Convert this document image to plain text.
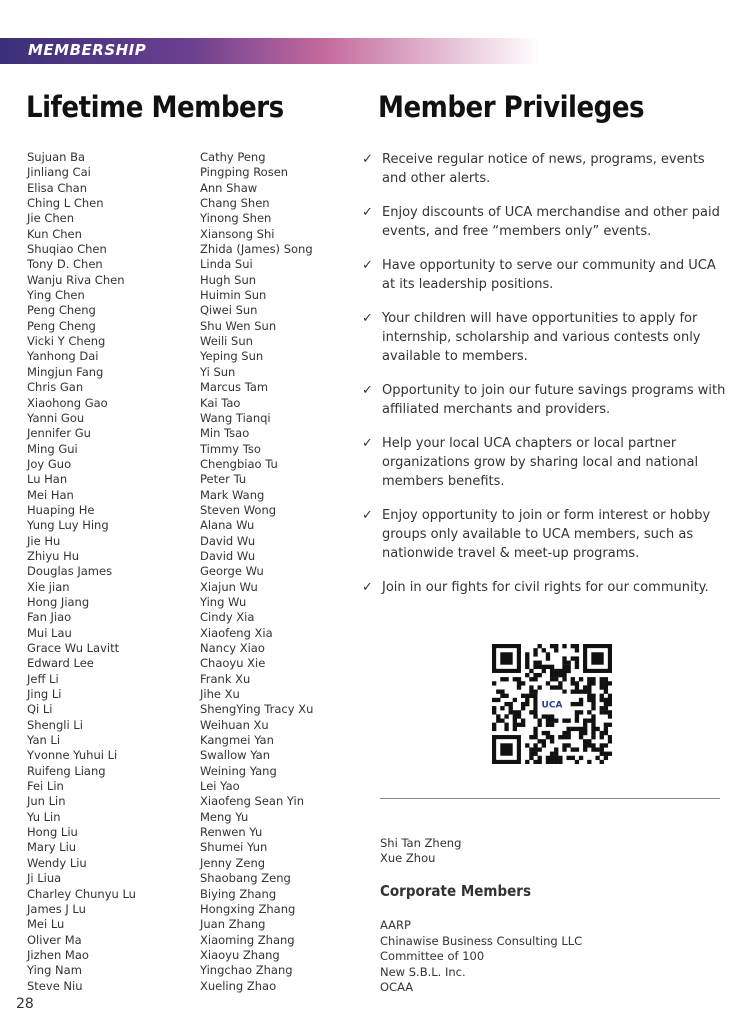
MEMBERSHIP
Lifetime Members	Member Privileges
Sujuan Ba
Jinliang Cai
Elisa Chan
Ching L Chen
Jie Chen
Kun Chen
Shuqiao Chen
Tony D. Chen
Wanju Riva Chen
Ying Chen
Peng Cheng
Peng Cheng
Vicki Y Cheng
Yanhong Dai
Mingjun Fang
Chris Gan
Xiaohong Gao
Yanni Gou
Jennifer Gu
Ming Gui
Joy Guo
Lu Han
Mei Han
Huaping He
Yung Luy Hing
Jie Hu
Zhiyu Hu
Douglas James
Xie jian
Hong Jiang
Fan Jiao
Mui Lau
Grace Wu Lavitt
Edward Lee
Jeff Li
Jing Li
Qi Li
Shengli Li
Yan Li
Yvonne Yuhui Li
Ruifeng Liang
Fei Lin
Jun Lin
Yu Lin
Hong Liu
Mary Liu
Wendy Liu
Ji Liua
Charley Chunyu Lu
James J Lu
Mei Lu
Oliver Ma
Jizhen Mao
Ying Nam
Steve Niu
Cathy Peng
Pingping Rosen
Ann Shaw
Chang Shen
Yinong Shen
Xiansong Shi
Zhida (James) Song
Linda Sui
Hugh Sun
Huimin Sun
Qiwei Sun
Shu Wen Sun
Weili Sun
Yeping Sun
Yi Sun
Marcus Tam
Kai Tao
Wang Tianqi
Min Tsao
Timmy Tso
Chengbiao Tu
Peter Tu
Mark Wang
Steven Wong
Alana Wu
David Wu
David Wu
George Wu
Xiajun Wu
Ying Wu
Cindy Xia
Xiaofeng Xia
Nancy Xiao
Chaoyu Xie
Frank Xu
Jihe Xu
ShengYing Tracy Xu
Weihuan Xu
Kangmei Yan
Swallow Yan
Weining Yang
Lei Yao
Xiaofeng Sean Yin
Meng Yu
Renwen Yu
Shumei Yun
Jenny Zeng
Shaobang Zeng
Biying Zhang
Hongxing Zhang
Juan Zhang
Xiaoming Zhang
Xiaoyu Zhang
Yingchao Zhang
Xueling Zhao
✓ Receive regular notice of news, programs, events and other alerts.
✓ Enjoy discounts of UCA merchandise and other paid events, and free “members only” events.
✓ Have opportunity to serve our community and UCA at its leadership positions.
✓ Your children will have opportunities to apply for internship, scholarship and various contests only available to members.
✓ Opportunity to join our future savings programs with affiliated merchants and providers.
✓ Help your local UCA chapters or local partner organizations grow by sharing local and national members benefits.
✓ Enjoy opportunity to join or form interest or hobby groups only available to UCA members, such as nationwide travel & meet-up programs.
✓ Join in our fights for civil rights for our community.
UCA
Shi Tan Zheng
Xue Zhou
Corporate Members
AARP
Chinawise Business Consulting LLC
Committee of 100
New S.B.L. Inc.
OCAA
28
